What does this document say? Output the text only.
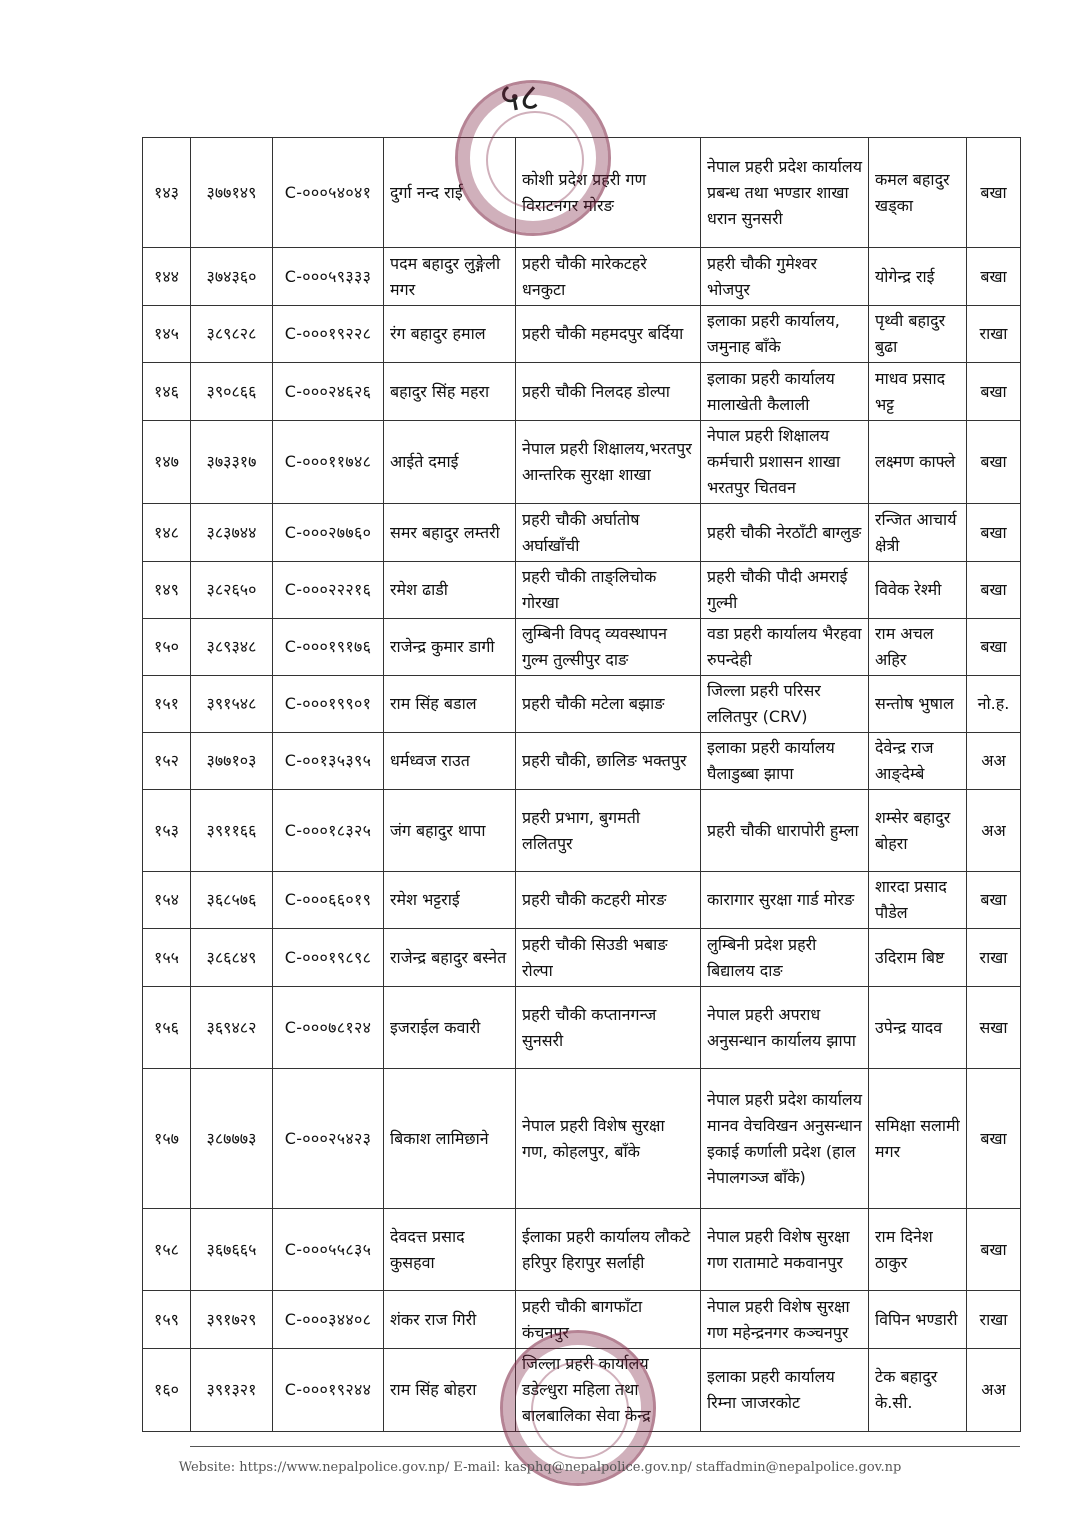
५८
१४३	३७७१४९	C-०००५४०४१	दुर्गा नन्द राई	कोशी प्रदेश प्रहरी गण विराटनगर मोरङ	नेपाल प्रहरी प्रदेश कार्यालय प्रबन्ध तथा भण्डार शाखा धरान सुनसरी	कमल बहादुर खड्का	बखा
१४४	३७४३६०	C-०००५९३३३	पदम बहादुर लुङ्गेली मगर	प्रहरी चौकी मारेकटहरे धनकुटा	प्रहरी चौकी गुमेश्वर भोजपुर	योगेन्द्र राई	बखा
१४५	३८९८२८	C-०००१९२२८	रंग बहादुर हमाल	प्रहरी चौकी महमदपुर बर्दिया	इलाका प्रहरी कार्यालय, जमुनाह बाँके	पृथ्वी बहादुर बुढा	राखा
१४६	३९०८६६	C-०००२४६२६	बहादुर सिंह महरा	प्रहरी चौकी निलदह डोल्पा	इलाका प्रहरी कार्यालय मालाखेती कैलाली	माधव प्रसाद भट्ट	बखा
१४७	३७३३१७	C-०००११७४८	आईते दमाई	नेपाल प्रहरी शिक्षालय,भरतपुर आन्तरिक सुरक्षा शाखा	नेपाल प्रहरी शिक्षालय कर्मचारी प्रशासन शाखा भरतपुर चितवन	लक्ष्मण काफ्ले	बखा
१४८	३८३७४४	C-०००२७७६०	समर बहादुर लम्तरी	प्रहरी चौकी अर्घातोष अर्घाखाँची	प्रहरी चौकी नेरठाँटी बाग्लुङ	रन्जित आचार्य क्षेत्री	बखा
१४९	३८२६५०	C-०००२२२१६	रमेश ढाडी	प्रहरी चौकी ताङ्लिचोक गोरखा	प्रहरी चौकी पौदी अमराई गुल्मी	विवेक रेश्मी	बखा
१५०	३८९३४८	C-०००१९१७६	राजेन्द्र कुमार डागी	लुम्बिनी विपद् व्यवस्थापन गुल्म तुल्सीपुर दाङ	वडा प्रहरी कार्यालय भैरहवा रुपन्देही	राम अचल अहिर	बखा
१५१	३९१५४८	C-०००१९९०१	राम सिंह बडाल	प्रहरी चौकी मटेला बझाङ	जिल्ला प्रहरी परिसर ललितपुर (CRV)	सन्तोष भुषाल	नो.ह.
१५२	३७७१०३	C-००१३५३९५	धर्मध्वज राउत	प्रहरी चौकी, छालिङ भक्तपुर	इलाका प्रहरी कार्यालय घैलाडुब्बा झापा	देवेन्द्र राज आङ्देम्बे	अअ
१५३	३९११६६	C-०००१८३२५	जंग बहादुर थापा	प्रहरी प्रभाग, बुगमती ललितपुर	प्रहरी चौकी धारापोरी हुम्ला	शम्सेर बहादुर बोहरा	अअ
१५४	३६८५७६	C-०००६६०१९	रमेश भट्टराई	प्रहरी चौकी कटहरी मोरङ	कारागार सुरक्षा गार्ड मोरङ	शारदा प्रसाद पौडेल	बखा
१५५	३८६८४९	C-०००१९८९८	राजेन्द्र बहादुर बस्नेत	प्रहरी चौकी सिउडी भबाङ रोल्पा	लुम्बिनी प्रदेश प्रहरी बिद्यालय दाङ	उदिराम बिष्ट	राखा
१५६	३६९४८२	C-०००७८१२४	इजराईल कवारी	प्रहरी चौकी कप्तानगन्ज सुनसरी	नेपाल प्रहरी अपराध अनुसन्धान कार्यालय झापा	उपेन्द्र यादव	सखा
१५७	३८७७७३	C-०००२५४२३	बिकाश लामिछाने	नेपाल प्रहरी विशेष सुरक्षा गण, कोहलपुर, बाँके	नेपाल प्रहरी प्रदेश कार्यालय मानव वेचविखन अनुसन्धान इकाई कर्णाली प्रदेश (हाल नेपालगञ्ज बाँके)	समिक्षा सलामी मगर	बखा
१५८	३६७६६५	C-०००५५८३५	देवदत्त प्रसाद कुसहवा	ईलाका प्रहरी कार्यालय लौकटे हरिपुर हिरापुर सर्लाही	नेपाल प्रहरी विशेष सुरक्षा गण रातामाटे मकवानपुर	राम दिनेश ठाकुर	बखा
१५९	३९१७२९	C-०००३४४०८	शंकर राज गिरी	प्रहरी चौकी बागफाँटा कंचनपुर	नेपाल प्रहरी विशेष सुरक्षा गण महेन्द्रनगर कञ्चनपुर	विपिन भण्डारी	राखा
१६०	३९१३२१	C-०००१९२४४	राम सिंह बोहरा	जिल्ला प्रहरी कार्यालय डडेल्धुरा महिला तथा बालबालिका सेवा केन्द्र	इलाका प्रहरी कार्यालय रिम्ना जाजरकोट	टेक बहादुर के.सी.	अअ
Website: https://www.nepalpolice.gov.np/ E-mail: kasphq@nepalpolice.gov.np/ staffadmin@nepalpolice.gov.np
